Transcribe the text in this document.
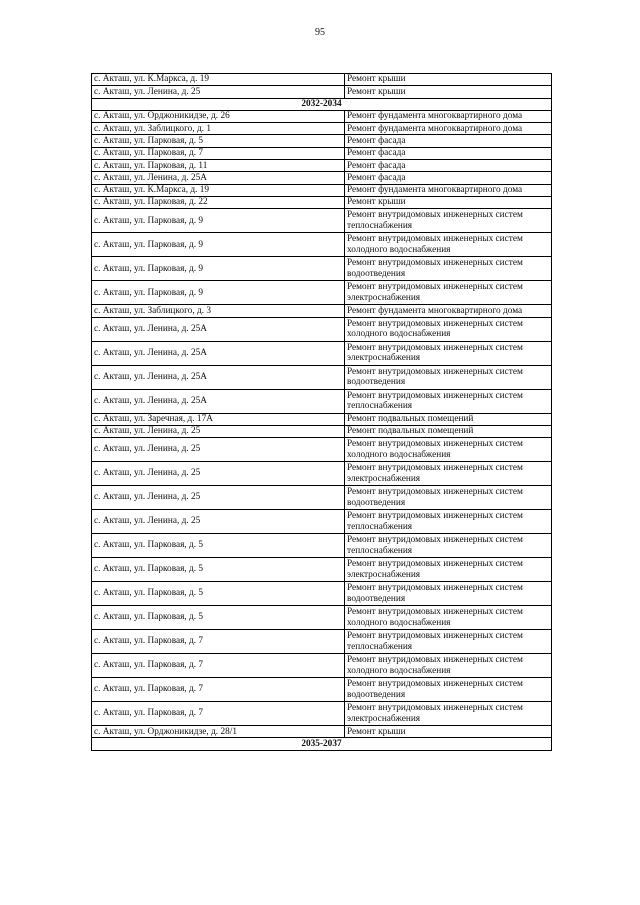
95
с. Акташ, ул. К.Маркса, д. 19	Ремонт крыши
с. Акташ, ул. Ленина, д. 25	Ремонт крыши
2032-2034	
с. Акташ, ул. Орджоникидзе, д. 26	Ремонт фундамента многоквартирного дома
с. Акташ, ул. Заблицкого, д. 1	Ремонт фундамента многоквартирного дома
с. Акташ, ул. Парковая, д. 5	Ремонт фасада
с. Акташ, ул. Парковая, д. 7	Ремонт фасада
с. Акташ, ул. Парковая, д. 11	Ремонт фасада
с. Акташ, ул. Ленина, д. 25А	Ремонт фасада
с. Акташ, ул. К.Маркса, д. 19	Ремонт фундамента многоквартирного дома
с. Акташ, ул. Парковая, д. 22	Ремонт крыши
с. Акташ, ул. Парковая, д. 9	Ремонт внутридомовых инженерных систем теплоснабжения
с. Акташ, ул. Парковая, д. 9	Ремонт внутридомовых инженерных систем холодного водоснабжения
с. Акташ, ул. Парковая, д. 9	Ремонт внутридомовых инженерных систем водоотведения
с. Акташ, ул. Парковая, д. 9	Ремонт внутридомовых инженерных систем электроснабжения
с. Акташ, ул. Заблицкого, д. 3	Ремонт фундамента многоквартирного дома
с. Акташ, ул. Ленина, д. 25А	Ремонт внутридомовых инженерных систем холодного водоснабжения
с. Акташ, ул. Ленина, д. 25А	Ремонт внутридомовых инженерных систем электроснабжения
с. Акташ, ул. Ленина, д. 25А	Ремонт внутридомовых инженерных систем водоотведения
с. Акташ, ул. Ленина, д. 25А	Ремонт внутридомовых инженерных систем теплоснабжения
с. Акташ, ул. Заречная, д. 17А	Ремонт подвальных помещений
с. Акташ, ул. Ленина, д. 25	Ремонт подвальных помещений
с. Акташ, ул. Ленина, д. 25	Ремонт внутридомовых инженерных систем холодного водоснабжения
с. Акташ, ул. Ленина, д. 25	Ремонт внутридомовых инженерных систем электроснабжения
с. Акташ, ул. Ленина, д. 25	Ремонт внутридомовых инженерных систем водоотведения
с. Акташ, ул. Ленина, д. 25	Ремонт внутридомовых инженерных систем теплоснабжения
с. Акташ, ул. Парковая, д. 5	Ремонт внутридомовых инженерных систем теплоснабжения
с. Акташ, ул. Парковая, д. 5	Ремонт внутридомовых инженерных систем электроснабжения
с. Акташ, ул. Парковая, д. 5	Ремонт внутридомовых инженерных систем водоотведения
с. Акташ, ул. Парковая, д. 5	Ремонт внутридомовых инженерных систем холодного водоснабжения
с. Акташ, ул. Парковая, д. 7	Ремонт внутридомовых инженерных систем теплоснабжения
с. Акташ, ул. Парковая, д. 7	Ремонт внутридомовых инженерных систем холодного водоснабжения
с. Акташ, ул. Парковая, д. 7	Ремонт внутридомовых инженерных систем водоотведения
с. Акташ, ул. Парковая, д. 7	Ремонт внутридомовых инженерных систем электроснабжения
с. Акташ, ул. Орджоникидзе, д. 28/1	Ремонт крыши
2035-2037	
